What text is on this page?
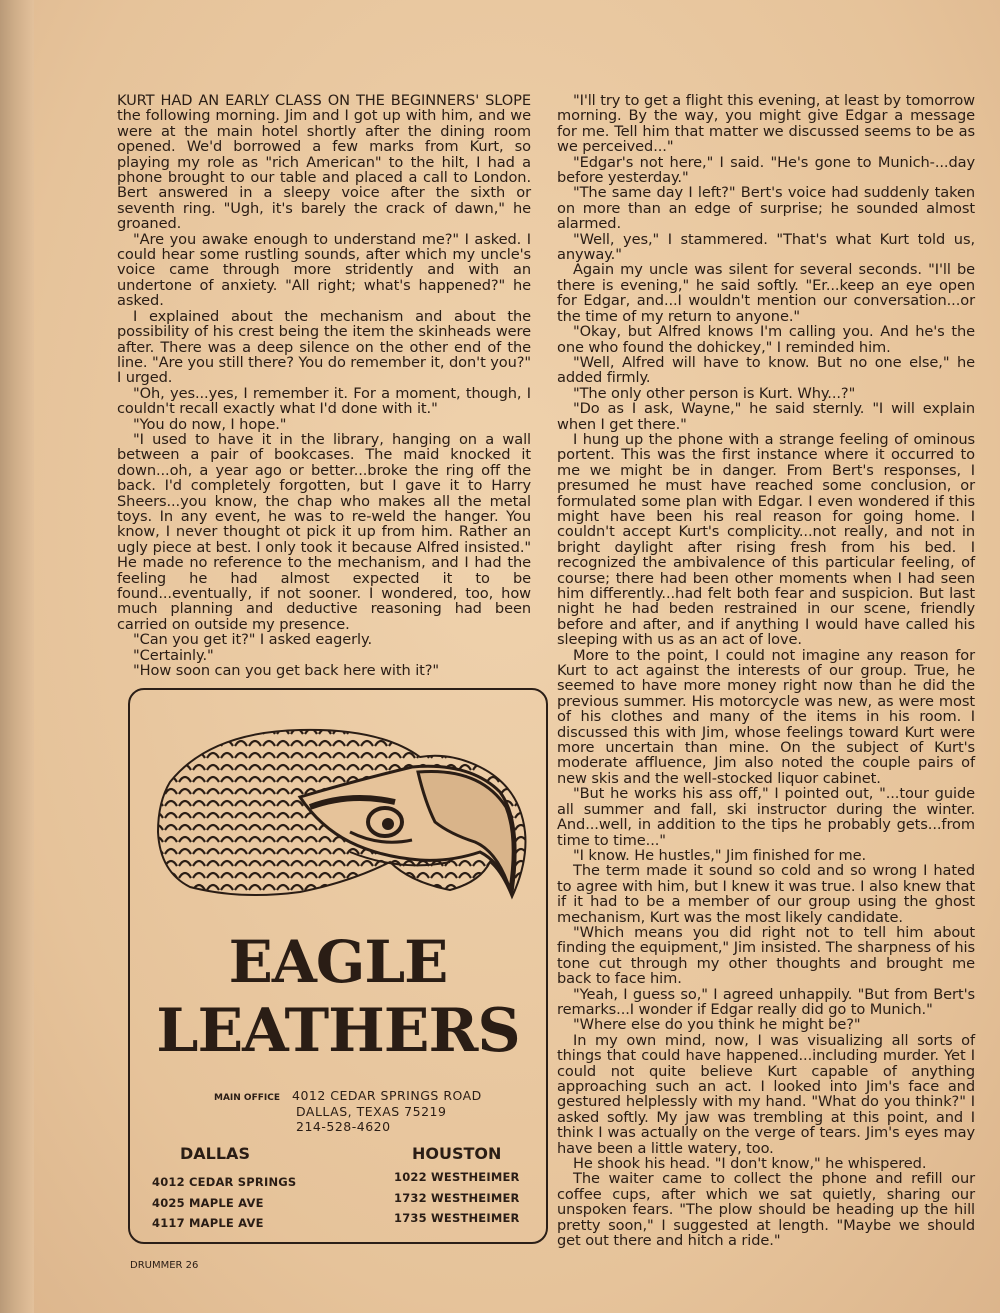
KURT HAD AN EARLY CLASS ON THE BEGINNERS' SLOPE the following morning. Jim and I got up with him, and we were at the main hotel shortly after the dining room opened. We'd borrowed a few marks from Kurt, so playing my role as "rich American" to the hilt, I had a phone brought to our table and placed a call to London. Bert answered in a sleepy voice after the sixth or seventh ring. "Ugh, it's barely the crack of dawn," he groaned.

"Are you awake enough to understand me?" I asked. I could hear some rustling sounds, after which my uncle's voice came through more stridently and with an undertone of anxiety. "All right; what's happened?" he asked.

I explained about the mechanism and about the possibility of his crest being the item the skinheads were after. There was a deep silence on the other end of the line. "Are you still there? You do remember it, don't you?" I urged.

"Oh, yes...yes, I remember it. For a moment, though, I couldn't recall exactly what I'd done with it."

"You do now, I hope."

"I used to have it in the library, hanging on a wall between a pair of bookcases. The maid knocked it down...oh, a year ago or better...broke the ring off the back. I'd completely forgotten, but I gave it to Harry Sheers...you know, the chap who makes all the metal toys. In any event, he was to re-weld the hanger. You know, I never thought ot pick it up from him. Rather an ugly piece at best. I only took it because Alfred insisted." He made no reference to the mechanism, and I had the feeling he had almost expected it to be found...eventually, if not sooner. I wondered, too, how much planning and deductive reasoning had been carried on outside my presence.

"Can you get it?" I asked eagerly.

"Certainly."

"How soon can you get back here with it?"

EAGLE
LEATHERS
MAIN OFFICE 4012 CEDAR SPRINGS ROAD
DALLAS, TEXAS 75219
214-528-4620
DALLAS	HOUSTON
4012 CEDAR SPRINGS
4025 MAPLE AVE
4117 MAPLE AVE
1022 WESTHEIMER
1732 WESTHEIMER
1735 WESTHEIMER

"I'll try to get a flight this evening, at least by tomorrow morning. By the way, you might give Edgar a message for me. Tell him that matter we discussed seems to be as we perceived..."

"Edgar's not here," I said. "He's gone to Munich-...day before yesterday."

"The same day I left?" Bert's voice had suddenly taken on more than an edge of surprise; he sounded almost alarmed.

"Well, yes," I stammered. "That's what Kurt told us, anyway."

Again my uncle was silent for several seconds. "I'll be there is evening," he said softly. "Er...keep an eye open for Edgar, and...I wouldn't mention our conversation...or the time of my return to anyone."

"Okay, but Alfred knows I'm calling you. And he's the one who found the dohickey," I reminded him.

"Well, Alfred will have to know. But no one else," he added firmly.

"The only other person is Kurt. Why...?"

"Do as I ask, Wayne," he said sternly. "I will explain when I get there."

I hung up the phone with a strange feeling of ominous portent. This was the first instance where it occurred to me we might be in danger. From Bert's responses, I presumed he must have reached some conclusion, or formulated some plan with Edgar. I even wondered if this might have been his real reason for going home. I couldn't accept Kurt's complicity...not really, and not in bright daylight after rising fresh from his bed. I recognized the ambivalence of this particular feeling, of course; there had been other moments when I had seen him differently...had felt both fear and suspicion. But last night he had beden restrained in our scene, friendly before and after, and if anything I would have called his sleeping with us as an act of love.

More to the point, I could not imagine any reason for Kurt to act against the interests of our group. True, he seemed to have more money right now than he did the previous summer. His motorcycle was new, as were most of his clothes and many of the items in his room. I discussed this with Jim, whose feelings toward Kurt were more uncertain than mine. On the subject of Kurt's moderate affluence, Jim also noted the couple pairs of new skis and the well-stocked liquor cabinet.

"But he works his ass off," I pointed out, "...tour guide all summer and fall, ski instructor during the winter. And...well, in addition to the tips he probably gets...from time to time..."

"I know. He hustles," Jim finished for me.

The term made it sound so cold and so wrong I hated to agree with him, but I knew it was true. I also knew that if it had to be a member of our group using the ghost mechanism, Kurt was the most likely candidate.

"Which means you did right not to tell him about finding the equipment," Jim insisted. The sharpness of his tone cut through my other thoughts and brought me back to face him.

"Yeah, I guess so," I agreed unhappily. "But from Bert's remarks...I wonder if Edgar really did go to Munich."

"Where else do you think he might be?"

In my own mind, now, I was visualizing all sorts of things that could have happened...including murder. Yet I could not quite believe Kurt capable of anything approaching such an act. I looked into Jim's face and gestured helplessly with my hand. "What do you think?" I asked softly. My jaw was trembling at this point, and I think I was actually on the verge of tears. Jim's eyes may have been a little watery, too.

He shook his head. "I don't know," he whispered.

The waiter came to collect the phone and refill our coffee cups, after which we sat quietly, sharing our unspoken fears. "The plow should be heading up the hill pretty soon," I suggested at length. "Maybe we should get out there and hitch a ride."

DRUMMER 26
